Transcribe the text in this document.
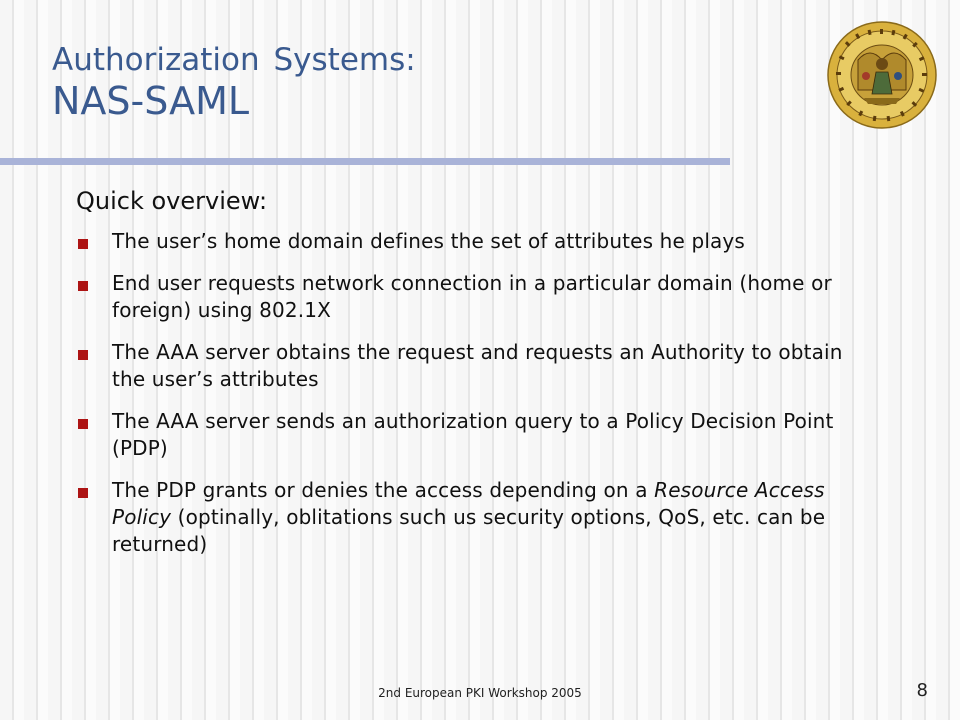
Authorization Systems:
NAS-SAML
Quick overview:
The user’s home domain defines the set of attributes he plays
End user requests network connection in a particular domain (home or foreign) using 802.1X
The AAA server obtains the request and requests an Authority to obtain the user’s attributes
The AAA server sends an authorization query to a Policy Decision Point (PDP)
The PDP grants or denies the access depending on a Resource Access Policy (optinally, oblitations such us security options, QoS, etc. can be returned)
2nd European PKI Workshop 2005	8
